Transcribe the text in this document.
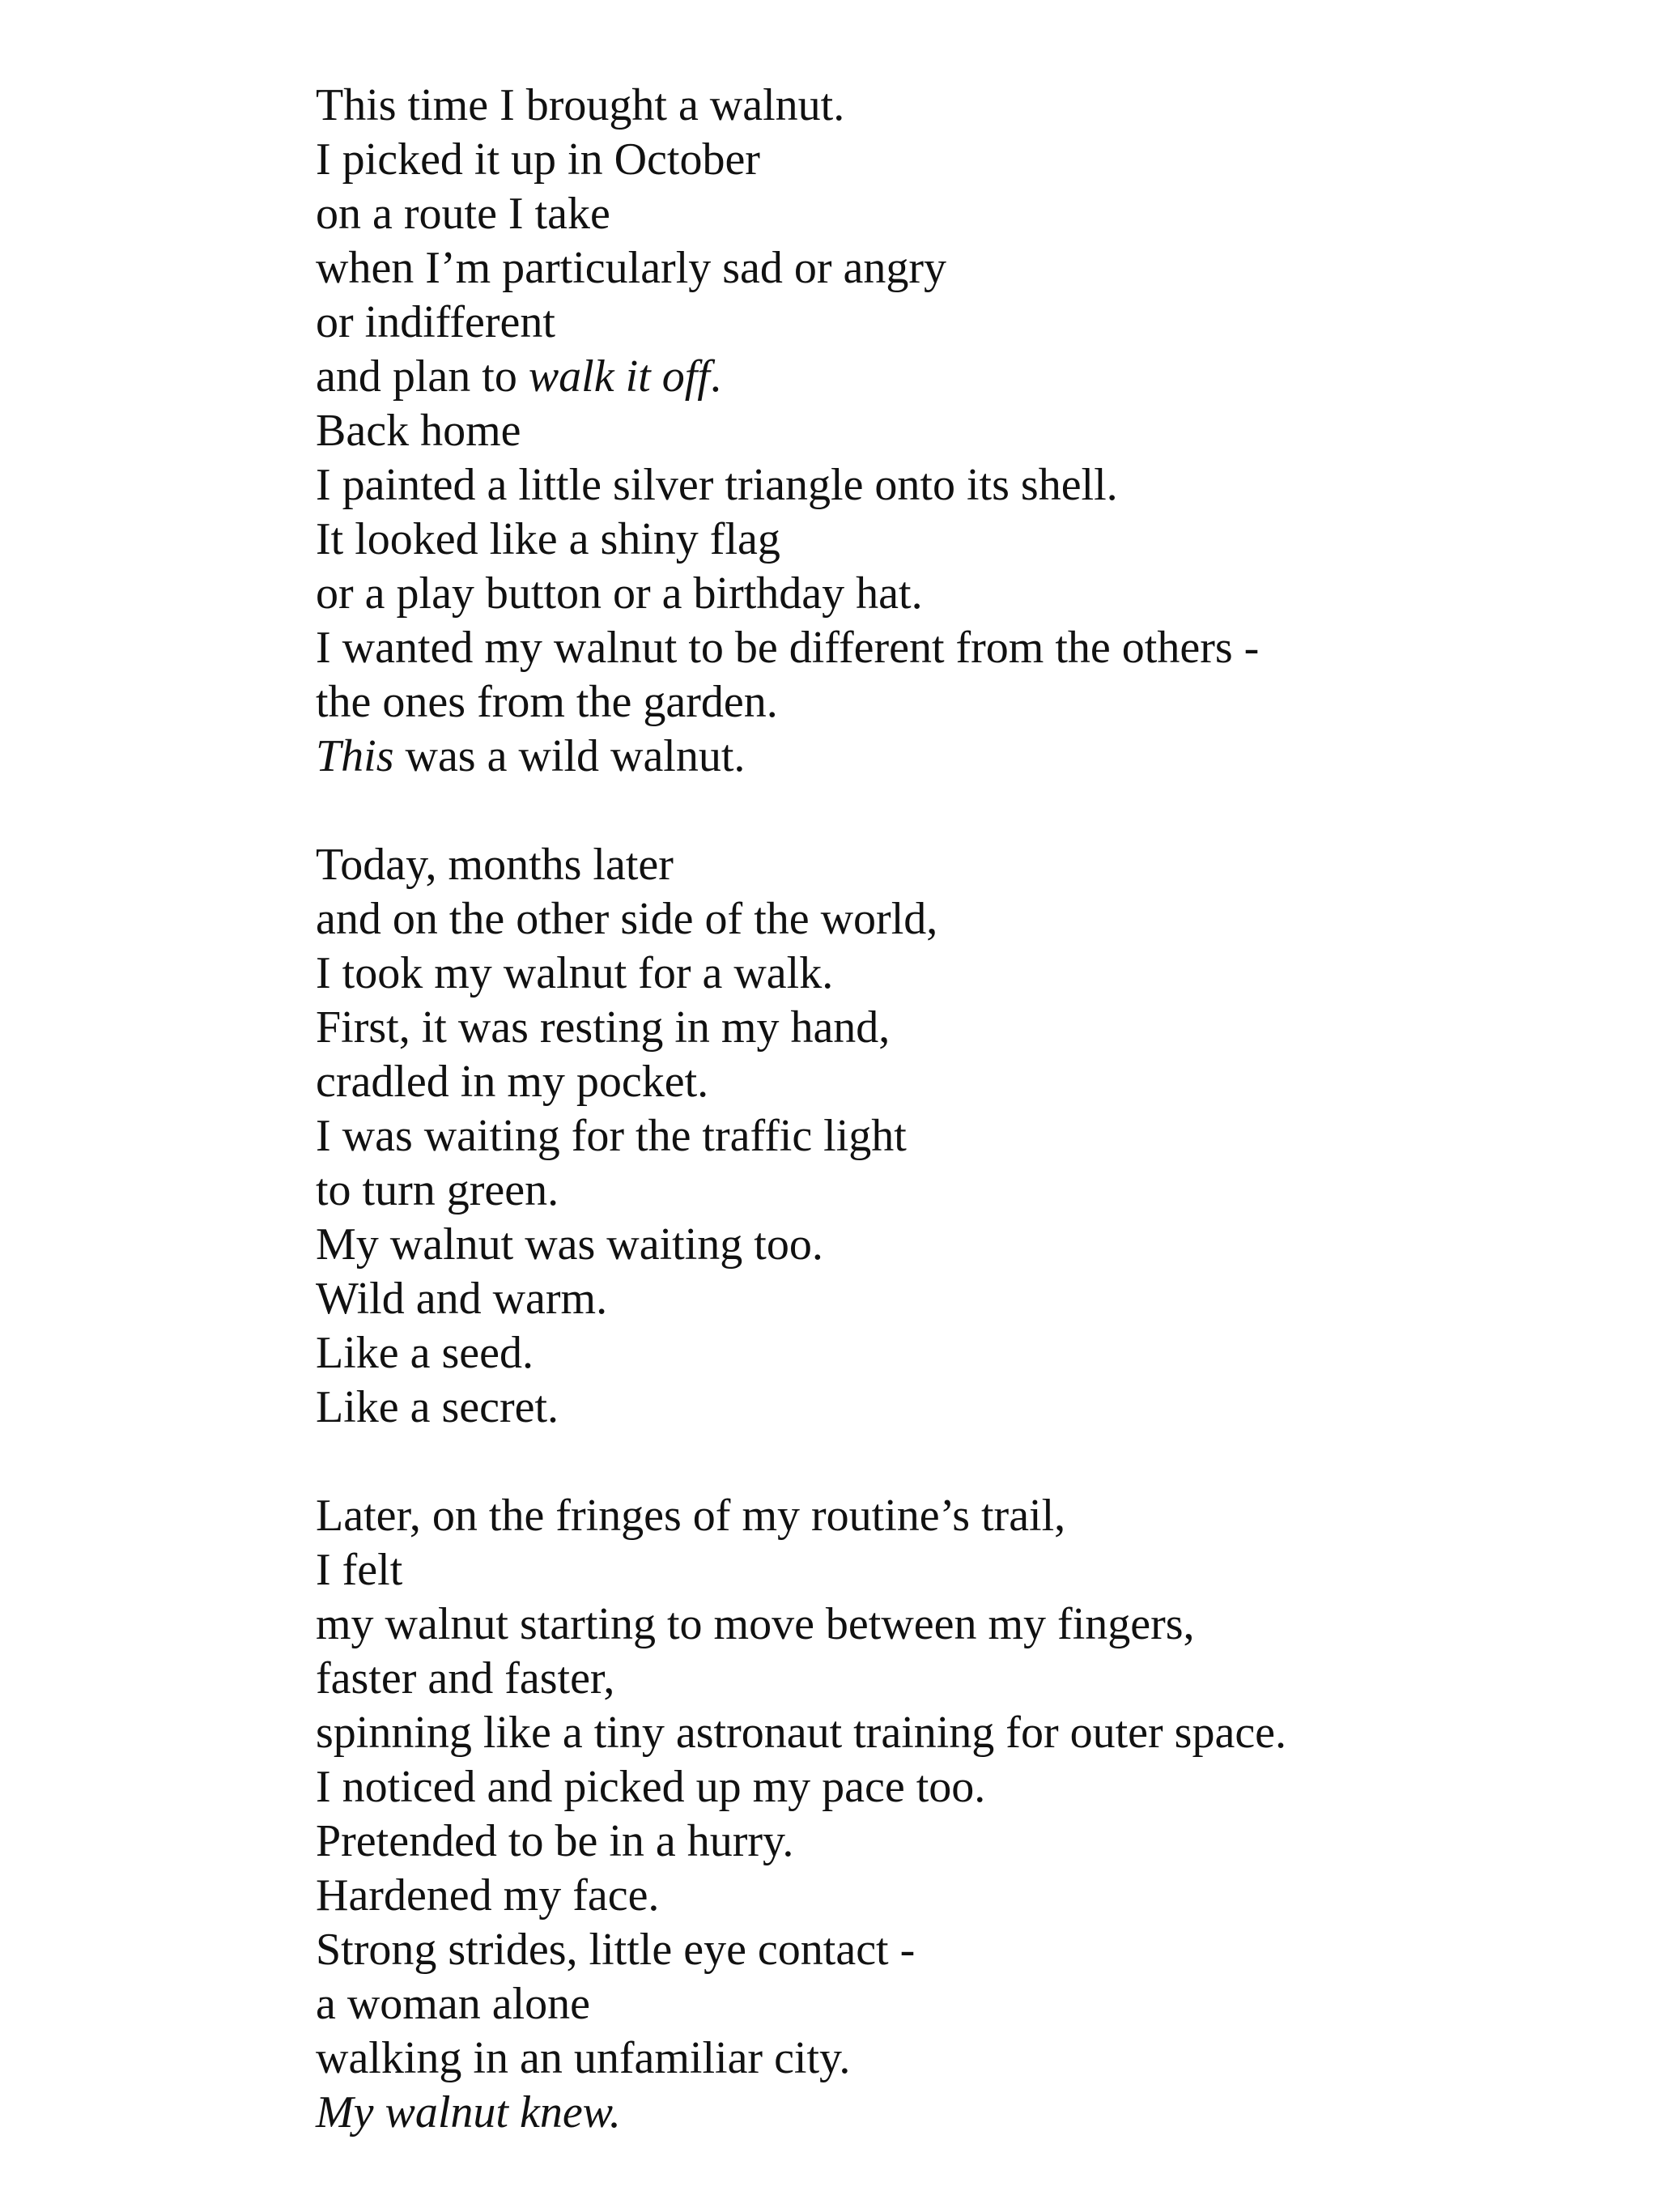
This time I brought a walnut.
I picked it up in October
on a route I take
when I’m particularly sad or angry
or indifferent
and plan to walk it off.
Back home
I painted a little silver triangle onto its shell.
It looked like a shiny flag
or a play button or a birthday hat.
I wanted my walnut to be different from the others -
the ones from the garden.
This was a wild walnut.
Today, months later
and on the other side of the world,
I took my walnut for a walk.
First, it was resting in my hand,
cradled in my pocket.
I was waiting for the traffic light
to turn green.
My walnut was waiting too.
Wild and warm.
Like a seed.
Like a secret.
Later, on the fringes of my routine’s trail,
I felt
my walnut starting to move between my fingers,
faster and faster,
spinning like a tiny astronaut training for outer space.
I noticed and picked up my pace too.
Pretended to be in a hurry.
Hardened my face.
Strong strides, little eye contact -
a woman alone
walking in an unfamiliar city.
My walnut knew.
